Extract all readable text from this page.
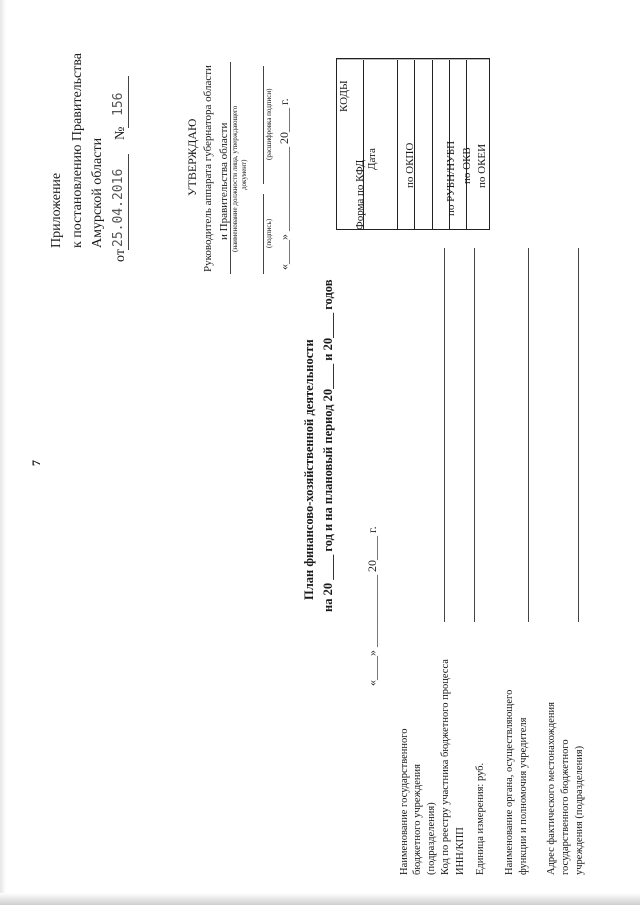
7
Приложение к постановлению Правительства Амурской области
от
25.04.2016
№
156
УТВЕРЖДАЮ Руководитель аппарата губернатора области и Правительства области (наименование должности лица, утверждающего документ)
(подпись)
(расшифровка подписи) «____» ______________ 20____ г.
План финансово-хозяйственной деятельности на 20 ____ год и на плановый период 20____ и 20____ годов	«____» ____________ 20____ г.
КОДЫ
Форма по КФД
Дата по ОКПО	по РУБН/НУБП по ОКВ по ОКЕИ
Наименование государственного бюджетного учреждения (подразделения) Код по реестру участника бюджетного процесса ИНН/КПП Единица измерения: руб. Наименование органа, осуществляющего функции и полномочия учредителя Адрес фактического местонахождения государственного бюджетного учреждения (подразделения)
